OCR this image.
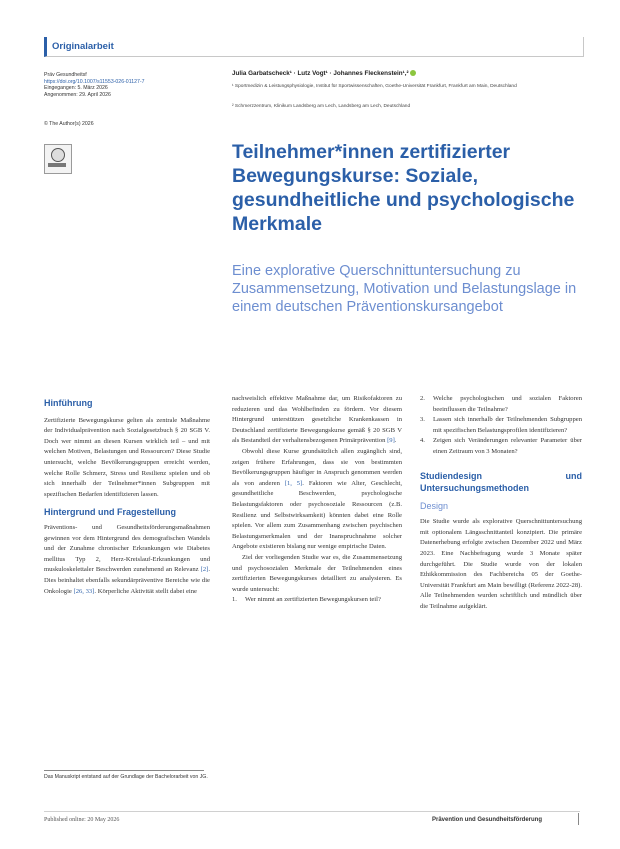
Originalarbeit
Präv Gesundheitsf
https://doi.org/10.1007/s11553-026-01127-7
Eingegangen: 5. März 2026
Angenommen: 29. April 2026
© The Author(s) 2026
Julia Garbatscheck¹ · Lutz Vogt¹ · Johannes Fleckenstein¹,²
¹ Sportmedizin & Leistungsphysiologie, Institut für Sportwissenschaften, Goethe-Universität Frankfurt, Frankfurt am Main, Deutschland
² Schmerzzentrum, Klinikum Landsberg am Lech, Landsberg am Lech, Deutschland
Teilnehmer*innen zertifizierter Bewegungskurse: Soziale, gesundheitliche und psychologische Merkmale
Eine explorative Querschnittuntersuchung zu Zusammensetzung, Motivation und Belastungslage in einem deutschen Präventionskursangebot
Hinführung

Zertifizierte Bewegungskurse gelten als zentrale Maßnahme der Individualprävention nach Sozialgesetzbuch § 20 SGB V. Doch wer nimmt an diesen Kursen wirklich teil – und mit welchen Motiven, Belastungen und Ressourcen? Diese Studie untersucht, welche Bevölkerungsgruppen erreicht werden, welche Rolle Schmerz, Stress und Resilienz spielen und ob sich innerhalb der Teilnehmer*innen Subgruppen mit spezifischen Bedarfen identifizieren lassen.

Hintergrund und Fragestellung

Präventions- und Gesundheitsförderungsmaßnahmen gewinnen vor dem Hintergrund des demografischen Wandels und der Zunahme chronischer Erkrankungen wie Diabetes mellitus Typ 2, Herz-Kreislauf-Erkrankungen und muskuloskelettaler Beschwerden zunehmend an Relevanz [2]. Dies beinhaltet ebenfalls sekundärpräventive Bereiche wie die Onkologie [26, 33]. Körperliche Aktivität stellt dabei eine

nachweislich effektive Maßnahme dar, um Risikofaktoren zu reduzieren und das Wohlbefinden zu fördern. Vor diesem Hintergrund unterstützen gesetzliche Krankenkassen in Deutschland zertifizierte Bewegungskurse gemäß § 20 SGB V als Bestandteil der verhaltensbezogenen Primärprävention [9].

Obwohl diese Kurse grundsätzlich allen zugänglich sind, zeigen frühere Erfahrungen, dass sie von bestimmten Bevölkerungsgruppen häufiger in Anspruch genommen werden als von anderen [1, 5]. Faktoren wie Alter, Geschlecht, gesundheitliche Beschwerden, psychologische Belastungsfaktoren oder psychosoziale Ressourcen (z.B. Resilienz und Selbstwirksamkeit) könnten dabei eine Rolle spielen. Vor allem zum Zusammenhang zwischen psychischen Belastungsmerkmalen und der Inanspruchnahme solcher Angebote existieren bislang nur wenige empirische Daten.

Ziel der vorliegenden Studie war es, die Zusammensetzung und psychosozialen Merkmale der Teilnehmenden eines zertifizierten Bewegungskurses detailliert zu analysieren. Es wurde untersucht:

1.	Wer nimmt an zertifizierten Bewegungskursen teil?
2.	Welche psychologischen und sozialen Faktoren beeinflussen die Teilnahme?
3.	Lassen sich innerhalb der Teilnehmenden Subgruppen mit spezifischen Belastungsprofilen identifizieren?
4.	Zeigen sich Veränderungen relevanter Parameter über einen Zeitraum von 3 Monaten?
Studiendesign und Untersuchungsmethoden
Design

Die Studie wurde als explorative Querschnittuntersuchung mit optionalem Längsschnittanteil konzipiert. Die primäre Datenerhebung erfolgte zwischen Dezember 2022 und März 2023. Eine Nachbefragung wurde 3 Monate später durchgeführt. Die Studie wurde von der lokalen Ethikkommission des Fachbereichs 05 der Goethe-Universität Frankfurt am Main bewilligt (Referenz 2022-28). Alle Teilnehmenden wurden schriftlich und mündlich über die Teilnahme aufgeklärt.

Das Manuskript entstand auf der Grundlage der Bachelorarbeit von JG.
Published online: 20 May 2026	Prävention und Gesundheitsförderung
